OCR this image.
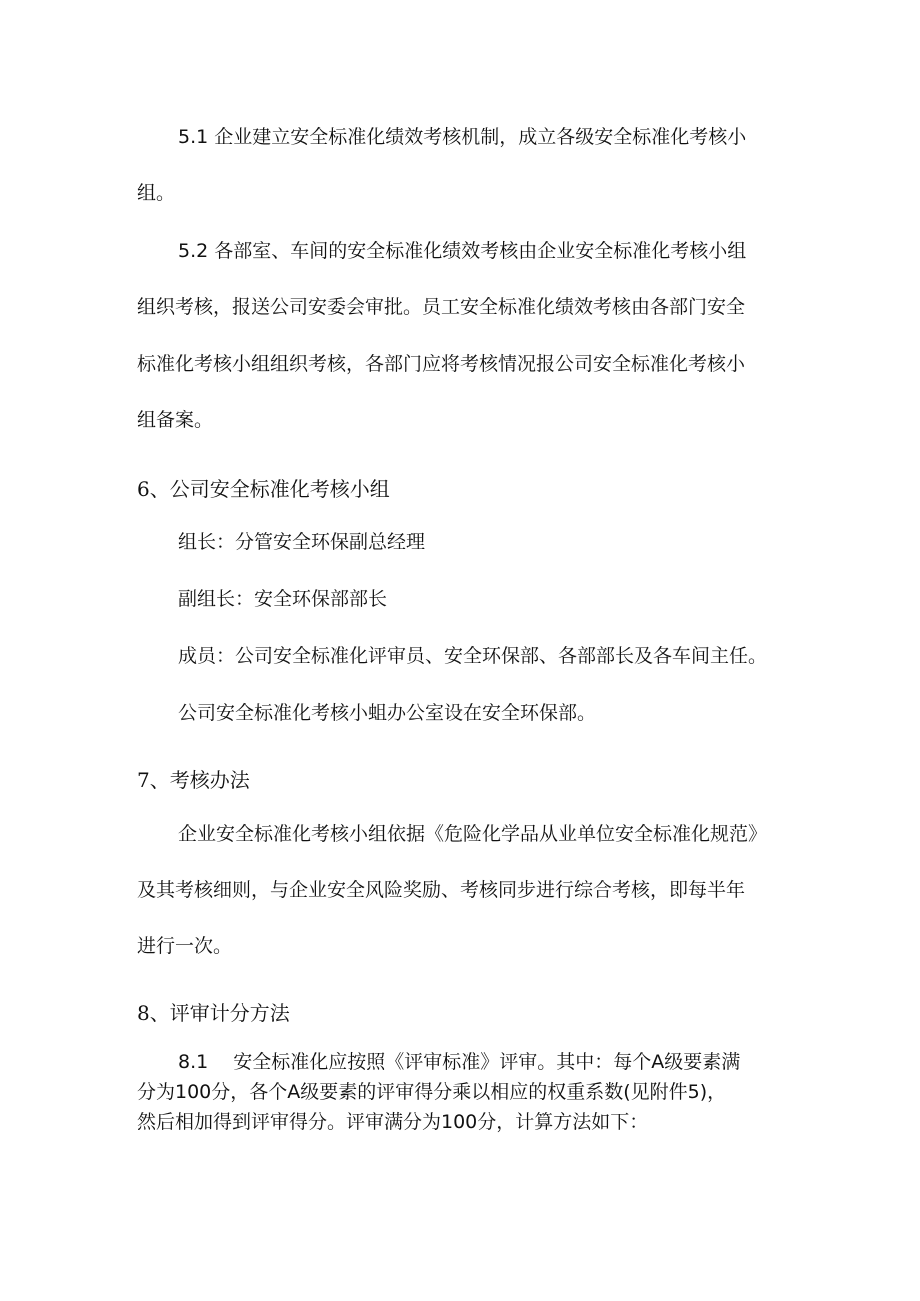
5.1 企业建立安全标准化绩效考核机制，成立各级安全标准化考核小

组。

5.2 各部室、车间的安全标准化绩效考核由企业安全标准化考核小组

组织考核，报送公司安委会审批。员工安全标准化绩效考核由各部门安全

标准化考核小组组织考核，各部门应将考核情况报公司安全标准化考核小

组备案。

6、公司安全标准化考核小组

组长：分管安全环保副总经理

副组长：安全环保部部长

成员：公司安全标准化评审员、安全环保部、各部部长及各车间主任。

公司安全标准化考核小蛆办公室设在安全环保部。

7、考核办法

企业安全标准化考核小组依据《危险化学品从业单位安全标准化规范》

及其考核细则，与企业安全风险奖励、考核同步进行综合考核，即每半年

进行一次。

8、评审计分方法

8.1　 安全标准化应按照《评审标准》评审。其中：每个A级要素满

分为100分，各个A级要素的评审得分乘以相应的权重系数(见附件5)，

然后相加得到评审得分。评审满分为100分，计算方法如下：
